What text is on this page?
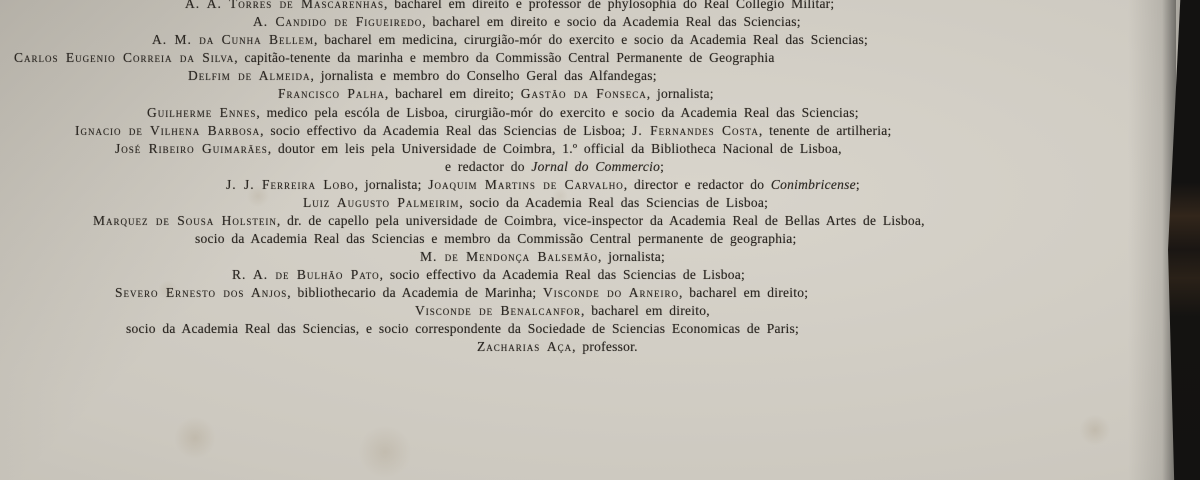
A. A. Torres de Mascarenhas, bacharel em direito e professor de phylosophia do Real Collegio Militar;
A. Candido de Figueiredo, bacharel em direito e socio da Academia Real das Sciencias;
A. M. da Cunha Bellem, bacharel em medicina, cirurgião-mór do exercito e socio da Academia Real das Sciencias;
Carlos Eugenio Correia da Silva, capitão-tenente da marinha e membro da Commissão Central Permanente de Geographia
Delfim de Almeida, jornalista e membro do Conselho Geral das Alfandegas;
Francisco Palha, bacharel em direito; Gastão da Fonseca, jornalista;
Guilherme Ennes, medico pela escóla de Lisboa, cirurgião-mór do exercito e socio da Academia Real das Sciencias;
Ignacio de Vilhena Barbosa, socio effectivo da Academia Real das Sciencias de Lisboa; J. Fernandes Costa, tenente de artilheria;
José Ribeiro Guimarães, doutor em leis pela Universidade de Coimbra, 1.º official da Bibliotheca Nacional de Lisboa,
e redactor do Jornal do Commercio;
J. J. Ferreira Lobo, jornalista; Joaquim Martins de Carvalho, director e redactor do Conimbricense;
Luiz Augusto Palmeirim, socio da Academia Real das Sciencias de Lisboa;
Marquez de Sousa Holstein, dr. de capello pela universidade de Coimbra, vice-inspector da Academia Real de Bellas Artes de Lisboa,
socio da Academia Real das Sciencias e membro da Commissão Central permanente de geographia;
M. de Mendonça Balsemão, jornalista;
R. A. de Bulhão Pato, socio effectivo da Academia Real das Sciencias de Lisboa;
Severo Ernesto dos Anjos, bibliothecario da Academia de Marinha; Visconde do Arneiro, bacharel em direito;
Visconde de Benalcanfor, bacharel em direito,
socio da Academia Real das Sciencias, e socio correspondente da Sociedade de Sciencias Economicas de Paris;
Zacharias Aça, professor.
